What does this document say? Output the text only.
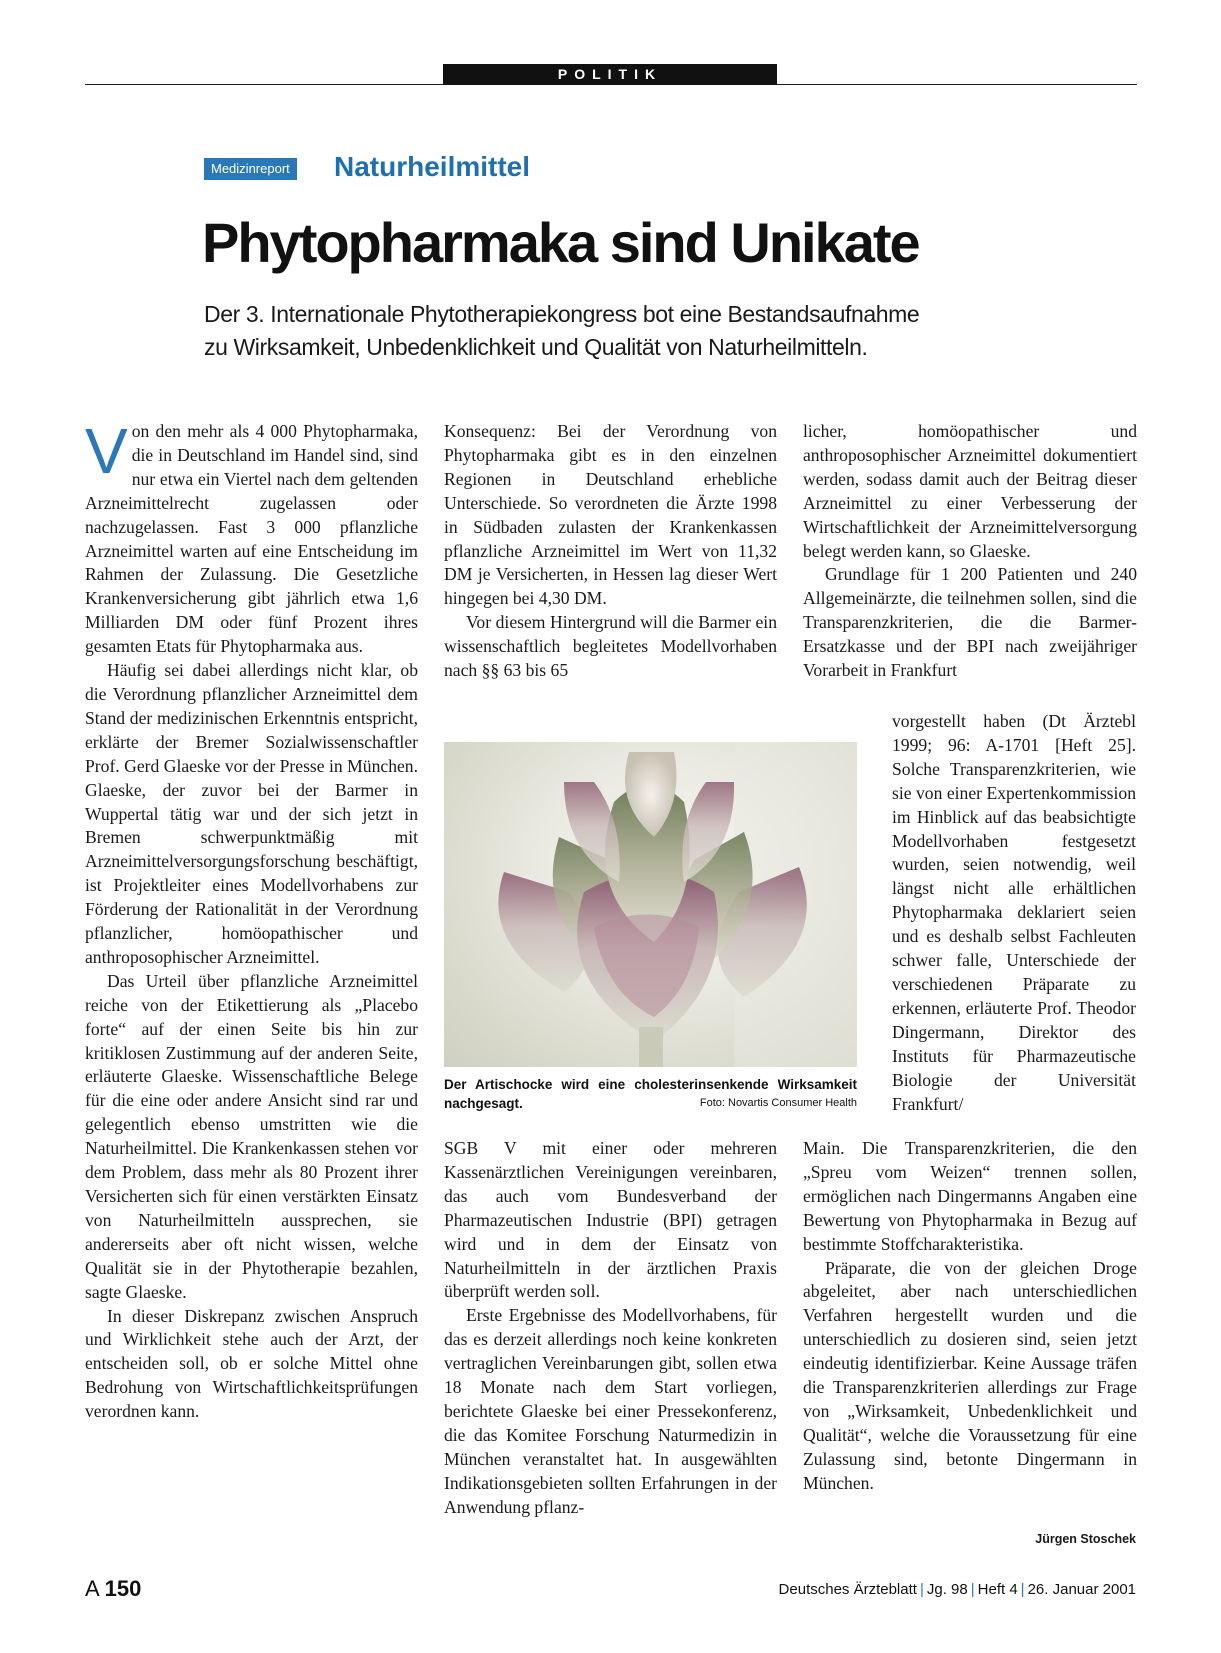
POLITIK
Medizinreport Naturheilmittel
Phytopharmaka sind Unikate
Der 3. Internationale Phytotherapiekongress bot eine Bestandsaufnahme
zu Wirksamkeit, Unbedenklichkeit und Qualität von Naturheilmitteln.

Von den mehr als 4 000 Phytopharmaka, die in Deutschland im Handel sind, sind nur etwa ein Viertel nach dem geltenden Arzneimittelrecht zugelassen oder nachzugelassen. Fast 3 000 pflanzliche Arzneimittel warten auf eine Entscheidung im Rahmen der Zulassung. Die Gesetzliche Krankenversicherung gibt jährlich etwa 1,6 Milliarden DM oder fünf Prozent ihres gesamten Etats für Phytopharmaka aus.

Häufig sei dabei allerdings nicht klar, ob die Verordnung pflanzlicher Arzneimittel dem Stand der medizinischen Erkenntnis entspricht, erklärte der Bremer Sozialwissenschaftler Prof. Gerd Glaeske vor der Presse in München. Glaeske, der zuvor bei der Barmer in Wuppertal tätig war und der sich jetzt in Bremen schwerpunktmäßig mit Arzneimittelversorgungsforschung beschäftigt, ist Projektleiter eines Modellvorhabens zur Förderung der Rationalität in der Verordnung pflanzlicher, homöopathischer und anthroposophischer Arzneimittel.

Das Urteil über pflanzliche Arzneimittel reiche von der Etikettierung als „Placebo forte“ auf der einen Seite bis hin zur kritiklosen Zustimmung auf der anderen Seite, erläuterte Glaeske. Wissenschaftliche Belege für die eine oder andere Ansicht sind rar und gelegentlich ebenso umstritten wie die Naturheilmittel. Die Krankenkassen stehen vor dem Problem, dass mehr als 80 Prozent ihrer Versicherten sich für einen verstärkten Einsatz von Naturheilmitteln aussprechen, sie andererseits aber oft nicht wissen, welche Qualität sie in der Phytotherapie bezahlen, sagte Glaeske.

In dieser Diskrepanz zwischen Anspruch und Wirklichkeit stehe auch der Arzt, der entscheiden soll, ob er solche Mittel ohne Bedrohung von Wirtschaftlichkeitsprüfungen verordnen kann.

Konsequenz: Bei der Verordnung von Phytopharmaka gibt es in den einzelnen Regionen in Deutschland erhebliche Unterschiede. So verordneten die Ärzte 1998 in Südbaden zulasten der Krankenkassen pflanzliche Arzneimittel im Wert von 11,32 DM je Versicherten, in Hessen lag dieser Wert hingegen bei 4,30 DM.

Vor diesem Hintergrund will die Barmer ein wissenschaftlich begleitetes Modellvorhaben nach §§ 63 bis 65

Der Artischocke wird eine cholesterinsenkende Wirksamkeit nachgesagt.	Foto: Novartis Consumer Health

SGB V mit einer oder mehreren Kassenärztlichen Vereinigungen vereinbaren, das auch vom Bundesverband der Pharmazeutischen Industrie (BPI) getragen wird und in dem der Einsatz von Naturheilmitteln in der ärztlichen Praxis überprüft werden soll.

Erste Ergebnisse des Modellvorhabens, für das es derzeit allerdings noch keine konkreten vertraglichen Vereinbarungen gibt, sollen etwa 18 Monate nach dem Start vorliegen, berichtete Glaeske bei einer Pressekonferenz, die das Komitee Forschung Naturmedizin in München veranstaltet hat. In ausgewählten Indikationsgebieten sollten Erfahrungen in der Anwendung pflanz-

licher, homöopathischer und anthroposophischer Arzneimittel dokumentiert werden, sodass damit auch der Beitrag dieser Arzneimittel zu einer Verbesserung der Wirtschaftlichkeit der Arzneimittelversorgung belegt werden kann, so Glaeske.

Grundlage für 1 200 Patienten und 240 Allgemeinärzte, die teilnehmen sollen, sind die Transparenzkriterien, die die Barmer-Ersatzkasse und der BPI nach zweijähriger Vorarbeit in Frankfurt

vorgestellt haben (Dt Ärztebl 1999; 96: A-1701 [Heft 25]. Solche Transparenzkriterien, wie sie von einer Expertenkommission im Hinblick auf das beabsichtigte Modellvorhaben festgesetzt wurden, seien notwendig, weil längst nicht alle erhältlichen Phytopharmaka deklariert seien und es deshalb selbst Fachleuten schwer falle, Unterschiede der verschiedenen Präparate zu erkennen, erläuterte Prof. Theodor Dingermann, Direktor des Instituts für Pharmazeutische Biologie der Universität Frankfurt/

Main. Die Transparenzkriterien, die den „Spreu vom Weizen“ trennen sollen, ermöglichen nach Dingermanns Angaben eine Bewertung von Phytopharmaka in Bezug auf bestimmte Stoffcharakteristika.

Präparate, die von der gleichen Droge abgeleitet, aber nach unterschiedlichen Verfahren hergestellt wurden und die unterschiedlich zu dosieren sind, seien jetzt eindeutig identifizierbar. Keine Aussage träfen die Transparenzkriterien allerdings zur Frage von „Wirksamkeit, Unbedenklichkeit und Qualität“, welche die Voraussetzung für eine Zulassung sind, betonte Dingermann in München.

Jürgen Stoschek
A 150	Deutsches Ärzteblatt | Jg. 98 | Heft 4 | 26. Januar 2001
